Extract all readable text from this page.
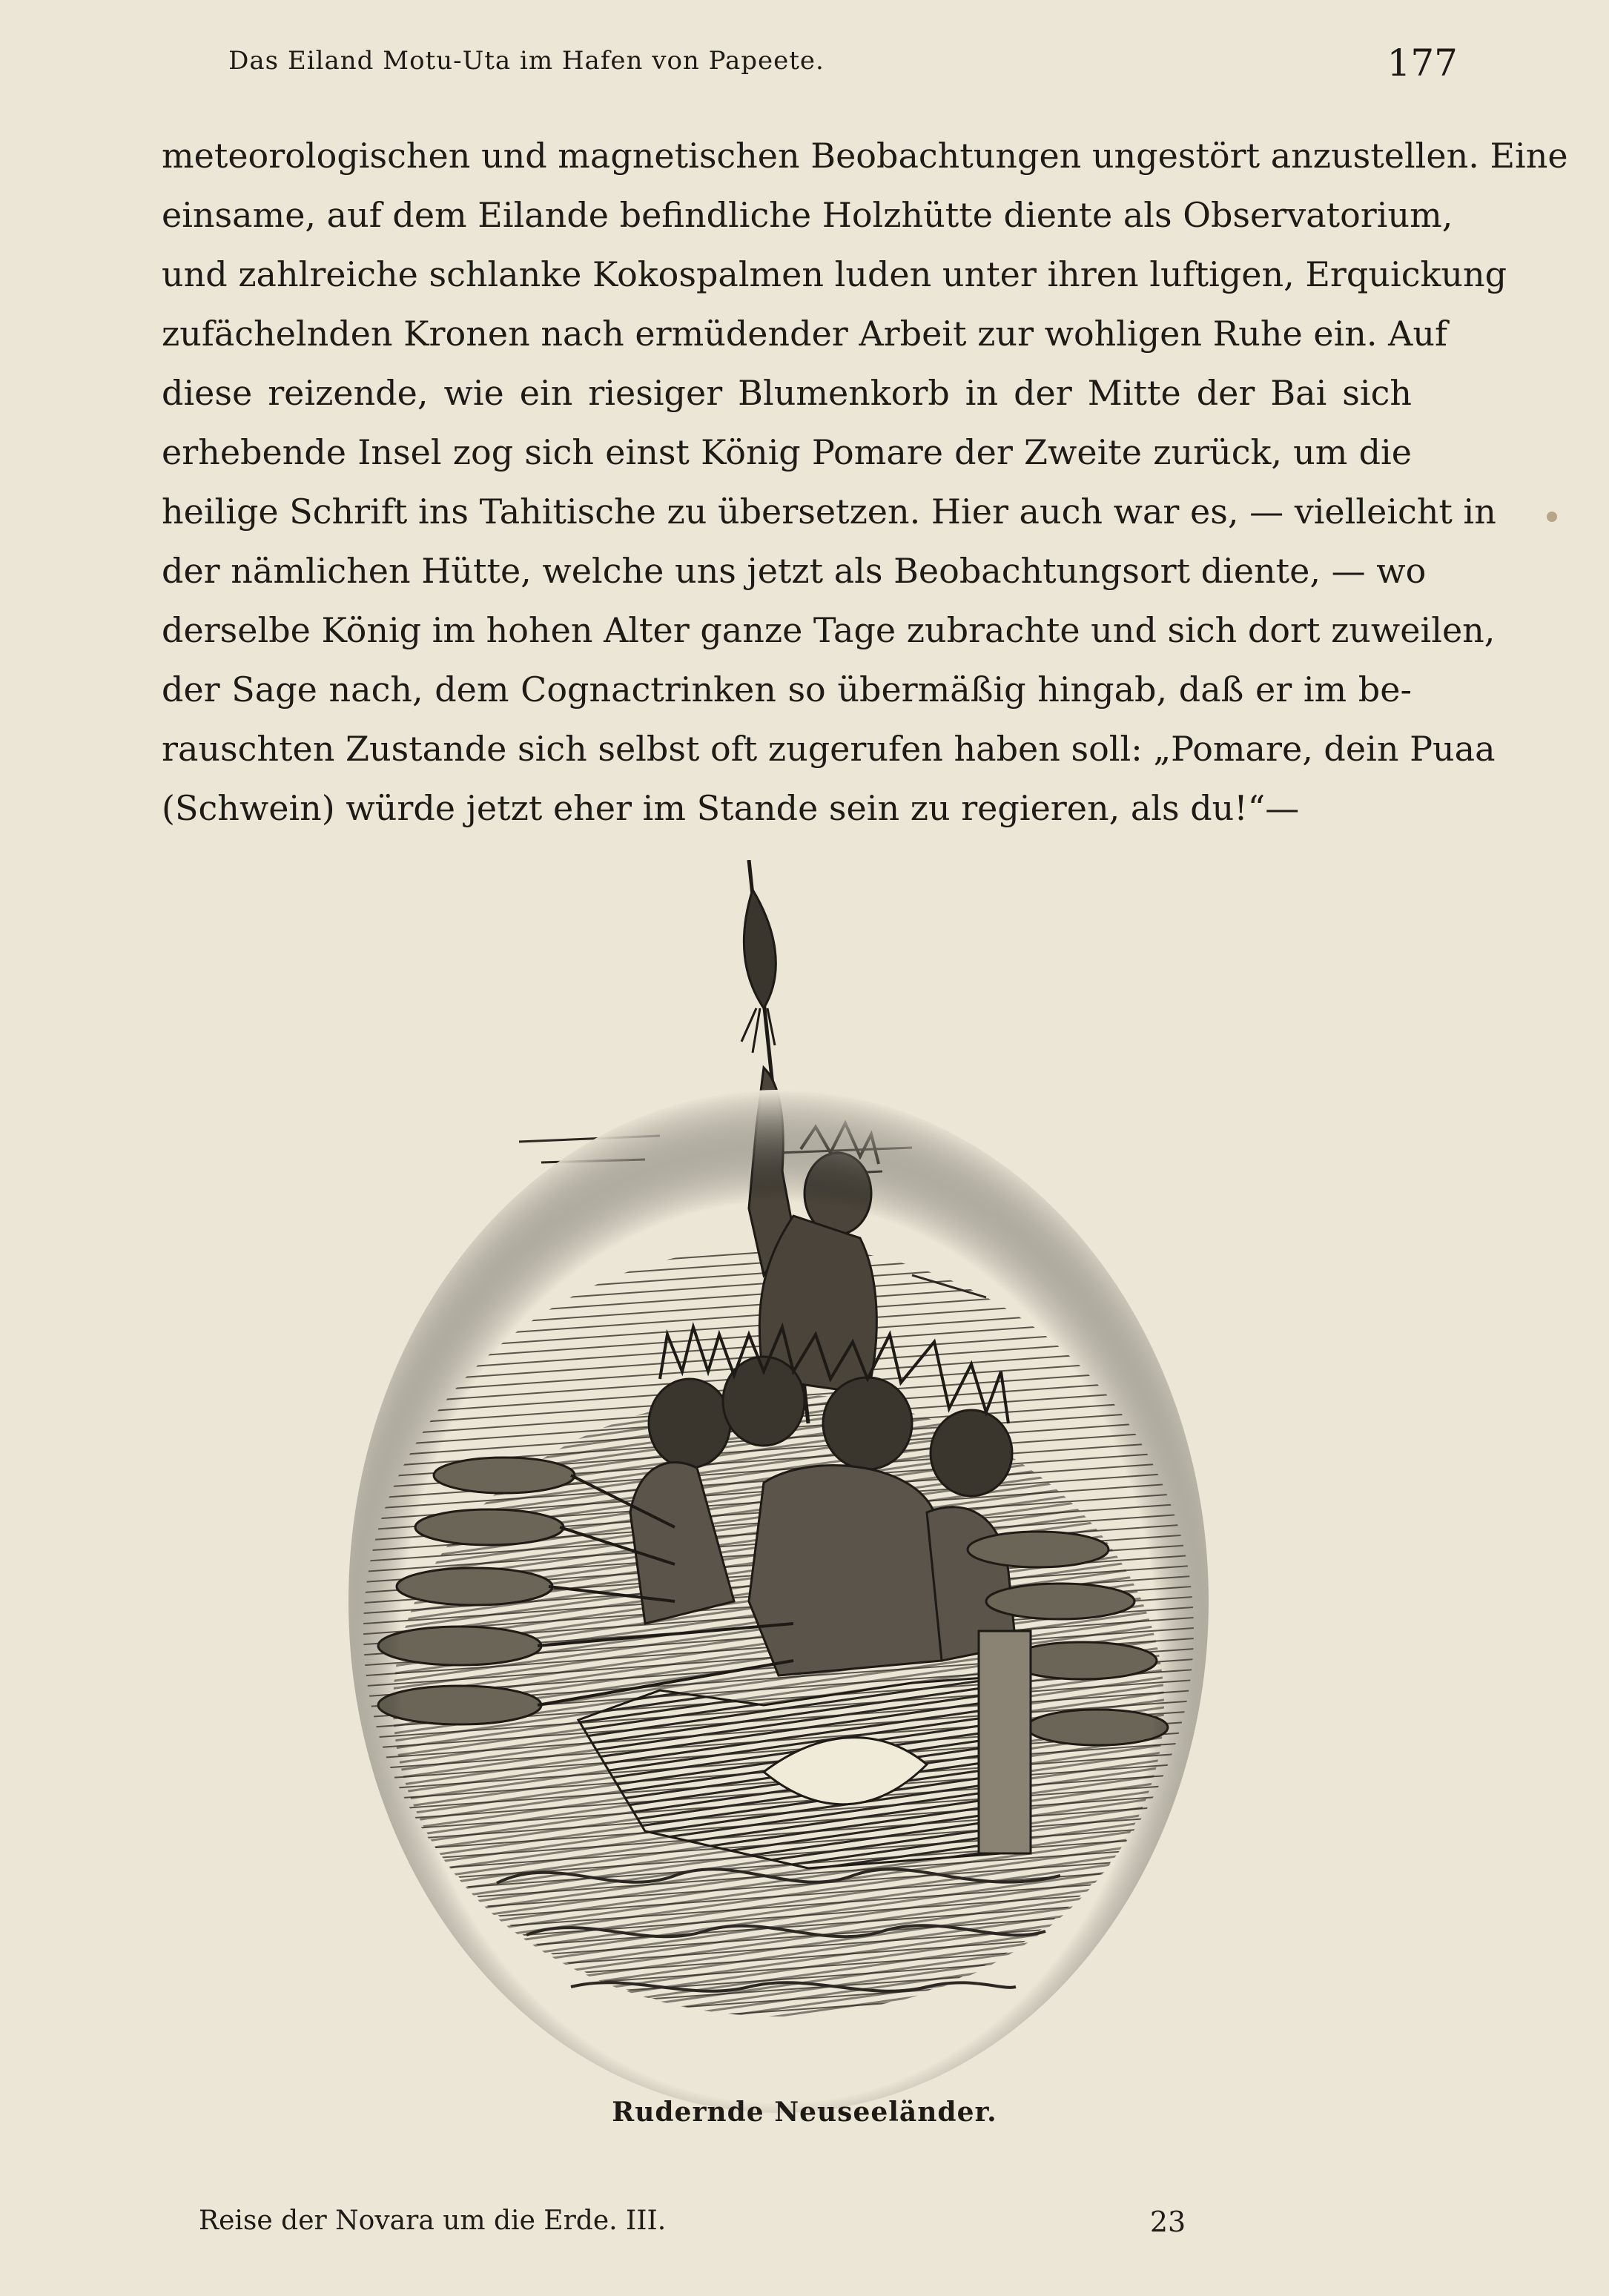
Das Eiland Motu-Uta im Hafen von Papeete.	177
meteorologischen und magnetischen Beobachtungen ungestört anzustellen. Eine
einsame, auf dem Eilande befindliche Holzhütte diente als Observatorium,
und zahlreiche schlanke Kokospalmen luden unter ihren luftigen, Erquickung
zufächelnden Kronen nach ermüdender Arbeit zur wohligen Ruhe ein. Auf
diese reizende, wie ein riesiger Blumenkorb in der Mitte der Bai sich
erhebende Insel zog sich einst König Pomare der Zweite zurück, um die
heilige Schrift ins Tahitische zu übersetzen. Hier auch war es, — vielleicht in
der nämlichen Hütte, welche uns jetzt als Beobachtungsort diente, — wo
derselbe König im hohen Alter ganze Tage zubrachte und sich dort zuweilen,
der Sage nach, dem Cognactrinken so übermäßig hingab, daß er im be-
rauschten Zustande sich selbst oft zugerufen haben soll: „Pomare, dein Puaa
(Schwein) würde jetzt eher im Stande sein zu regieren, als du!“—
Rudernde Neuseeländer.
Reise der Novara um die Erde. III.	23
